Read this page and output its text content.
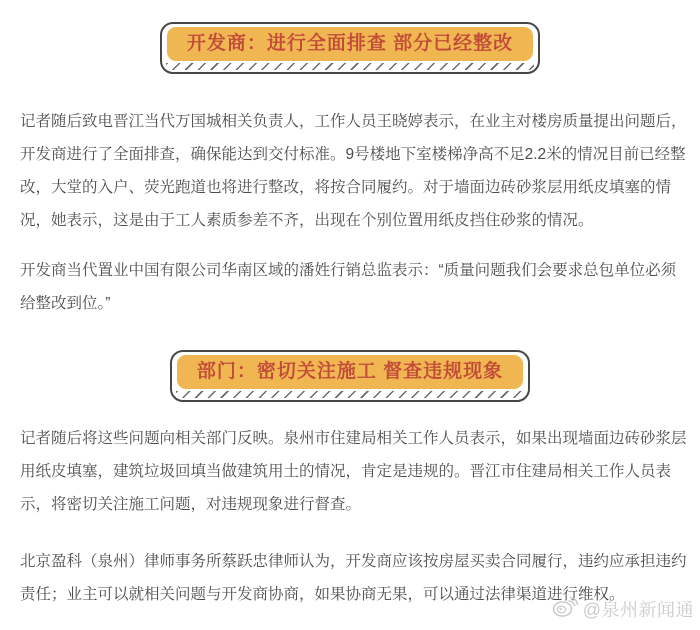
开发商：进行全面排查 部分已经整改
记者随后致电晋江当代万国城相关负责人，工作人员王晓婷表示，在业主对楼房质量提出问题后，
开发商进行了全面排查，确保能达到交付标准。9号楼地下室楼梯净高不足2.2米的情况目前已经整
改，大堂的入户、荧光跑道也将进行整改，将按合同履约。对于墙面边砖砂浆层用纸皮填塞的情
况，她表示，这是由于工人素质参差不齐，出现在个别位置用纸皮挡住砂浆的情况。
开发商当代置业中国有限公司华南区域的潘姓行销总监表示：“质量问题我们会要求总包单位必须
给整改到位。”
部门：密切关注施工 督查违规现象
记者随后将这些问题向相关部门反映。泉州市住建局相关工作人员表示，如果出现墙面边砖砂浆层
用纸皮填塞，建筑垃圾回填当做建筑用土的情况，肯定是违规的。晋江市住建局相关工作人员表
示，将密切关注施工问题，对违规现象进行督查。
北京盈科（泉州）律师事务所蔡跃忠律师认为，开发商应该按房屋买卖合同履行，违约应承担违约
责任；业主可以就相关问题与开发商协商，如果协商无果，可以通过法律渠道进行维权。
@泉州新闻通
